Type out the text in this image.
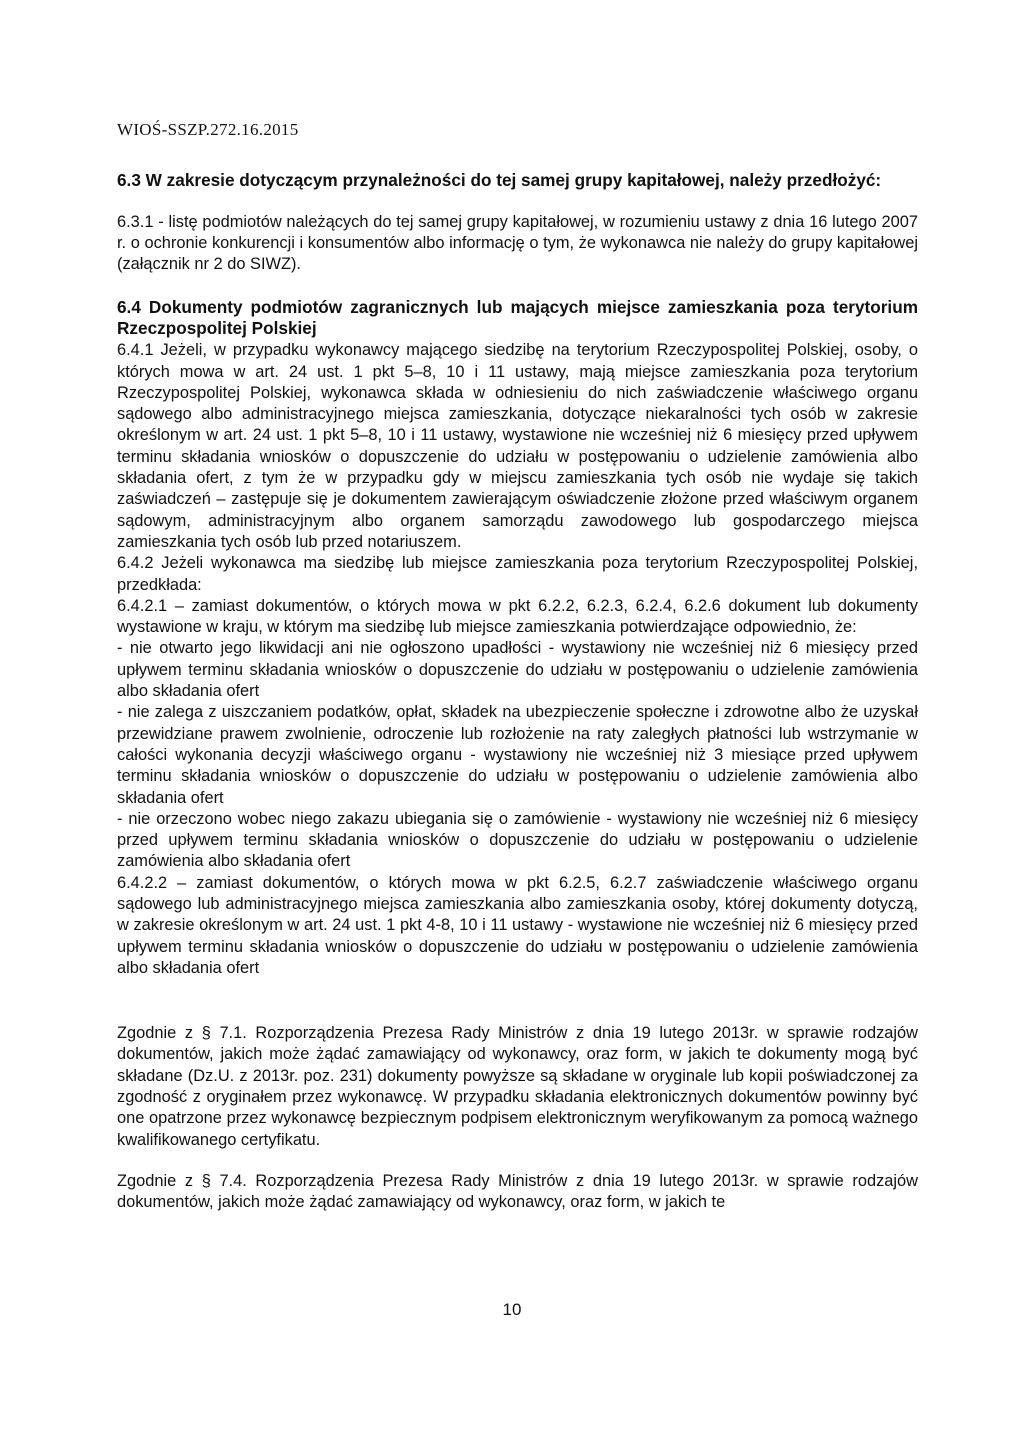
WIOŚ-SSZP.272.16.2015

6.3 W zakresie dotyczącym przynależności do tej samej grupy kapitałowej, należy przedłożyć:

6.3.1 - listę podmiotów należących do tej samej grupy kapitałowej, w rozumieniu ustawy z dnia 16 lutego 2007 r. o ochronie konkurencji i konsumentów albo informację o tym, że wykonawca nie należy do grupy kapitałowej (załącznik nr 2 do SIWZ).

6.4 Dokumenty podmiotów zagranicznych lub mających miejsce zamieszkania poza terytorium Rzeczpospolitej Polskiej

6.4.1 Jeżeli, w przypadku wykonawcy mającego siedzibę na terytorium Rzeczypospolitej Polskiej, osoby, o których mowa w art. 24 ust. 1 pkt 5–8, 10 i 11 ustawy, mają miejsce zamieszkania poza terytorium Rzeczypospolitej Polskiej, wykonawca składa w odniesieniu do nich zaświadczenie właściwego organu sądowego albo administracyjnego miejsca zamieszkania, dotyczące niekaralności tych osób w zakresie określonym w art. 24 ust. 1 pkt 5–8, 10 i 11 ustawy, wystawione nie wcześniej niż 6 miesięcy przed upływem terminu składania wniosków o dopuszczenie do udziału w postępowaniu o udzielenie zamówienia albo składania ofert, z tym że w przypadku gdy w miejscu zamieszkania tych osób nie wydaje się takich zaświadczeń – zastępuje się je dokumentem zawierającym oświadczenie złożone przed właściwym organem sądowym, administracyjnym albo organem samorządu zawodowego lub gospodarczego miejsca zamieszkania tych osób lub przed notariuszem.

6.4.2 Jeżeli wykonawca ma siedzibę lub miejsce zamieszkania poza terytorium Rzeczypospolitej Polskiej, przedkłada:

6.4.2.1 – zamiast dokumentów, o których mowa w pkt 6.2.2, 6.2.3, 6.2.4, 6.2.6 dokument lub dokumenty wystawione w kraju, w którym ma siedzibę lub miejsce zamieszkania potwierdzające odpowiednio, że:

- nie otwarto jego likwidacji ani nie ogłoszono upadłości - wystawiony nie wcześniej niż 6 miesięcy przed upływem terminu składania wniosków o dopuszczenie do udziału w postępowaniu o udzielenie zamówienia albo składania ofert

- nie zalega z uiszczaniem podatków, opłat, składek na ubezpieczenie społeczne i zdrowotne albo że uzyskał przewidziane prawem zwolnienie, odroczenie lub rozłożenie na raty zaległych płatności lub wstrzymanie w całości wykonania decyzji właściwego organu - wystawiony nie wcześniej niż 3 miesiące przed upływem terminu składania wniosków o dopuszczenie do udziału w postępowaniu o udzielenie zamówienia albo składania ofert

- nie orzeczono wobec niego zakazu ubiegania się o zamówienie - wystawiony nie wcześniej niż 6 miesięcy przed upływem terminu składania wniosków o dopuszczenie do udziału w postępowaniu o udzielenie zamówienia albo składania ofert

6.4.2.2 – zamiast dokumentów, o których mowa w pkt 6.2.5, 6.2.7 zaświadczenie właściwego organu sądowego lub administracyjnego miejsca zamieszkania albo zamieszkania osoby, której dokumenty dotyczą, w zakresie określonym w art. 24 ust. 1 pkt 4-8, 10 i 11 ustawy - wystawione nie wcześniej niż 6 miesięcy przed upływem terminu składania wniosków o dopuszczenie do udziału w postępowaniu o udzielenie zamówienia albo składania ofert

Zgodnie z § 7.1. Rozporządzenia Prezesa Rady Ministrów z dnia 19 lutego 2013r. w sprawie rodzajów dokumentów, jakich może żądać zamawiający od wykonawcy, oraz form, w jakich te dokumenty mogą być składane (Dz.U. z 2013r. poz. 231) dokumenty powyższe są składane w oryginale lub kopii poświadczonej za zgodność z oryginałem przez wykonawcę. W przypadku składania elektronicznych dokumentów powinny być one opatrzone przez wykonawcę bezpiecznym podpisem elektronicznym weryfikowanym za pomocą ważnego kwalifikowanego certyfikatu.

Zgodnie z § 7.4. Rozporządzenia Prezesa Rady Ministrów z dnia 19 lutego 2013r. w sprawie rodzajów dokumentów, jakich może żądać zamawiający od wykonawcy, oraz form, w jakich te

10
